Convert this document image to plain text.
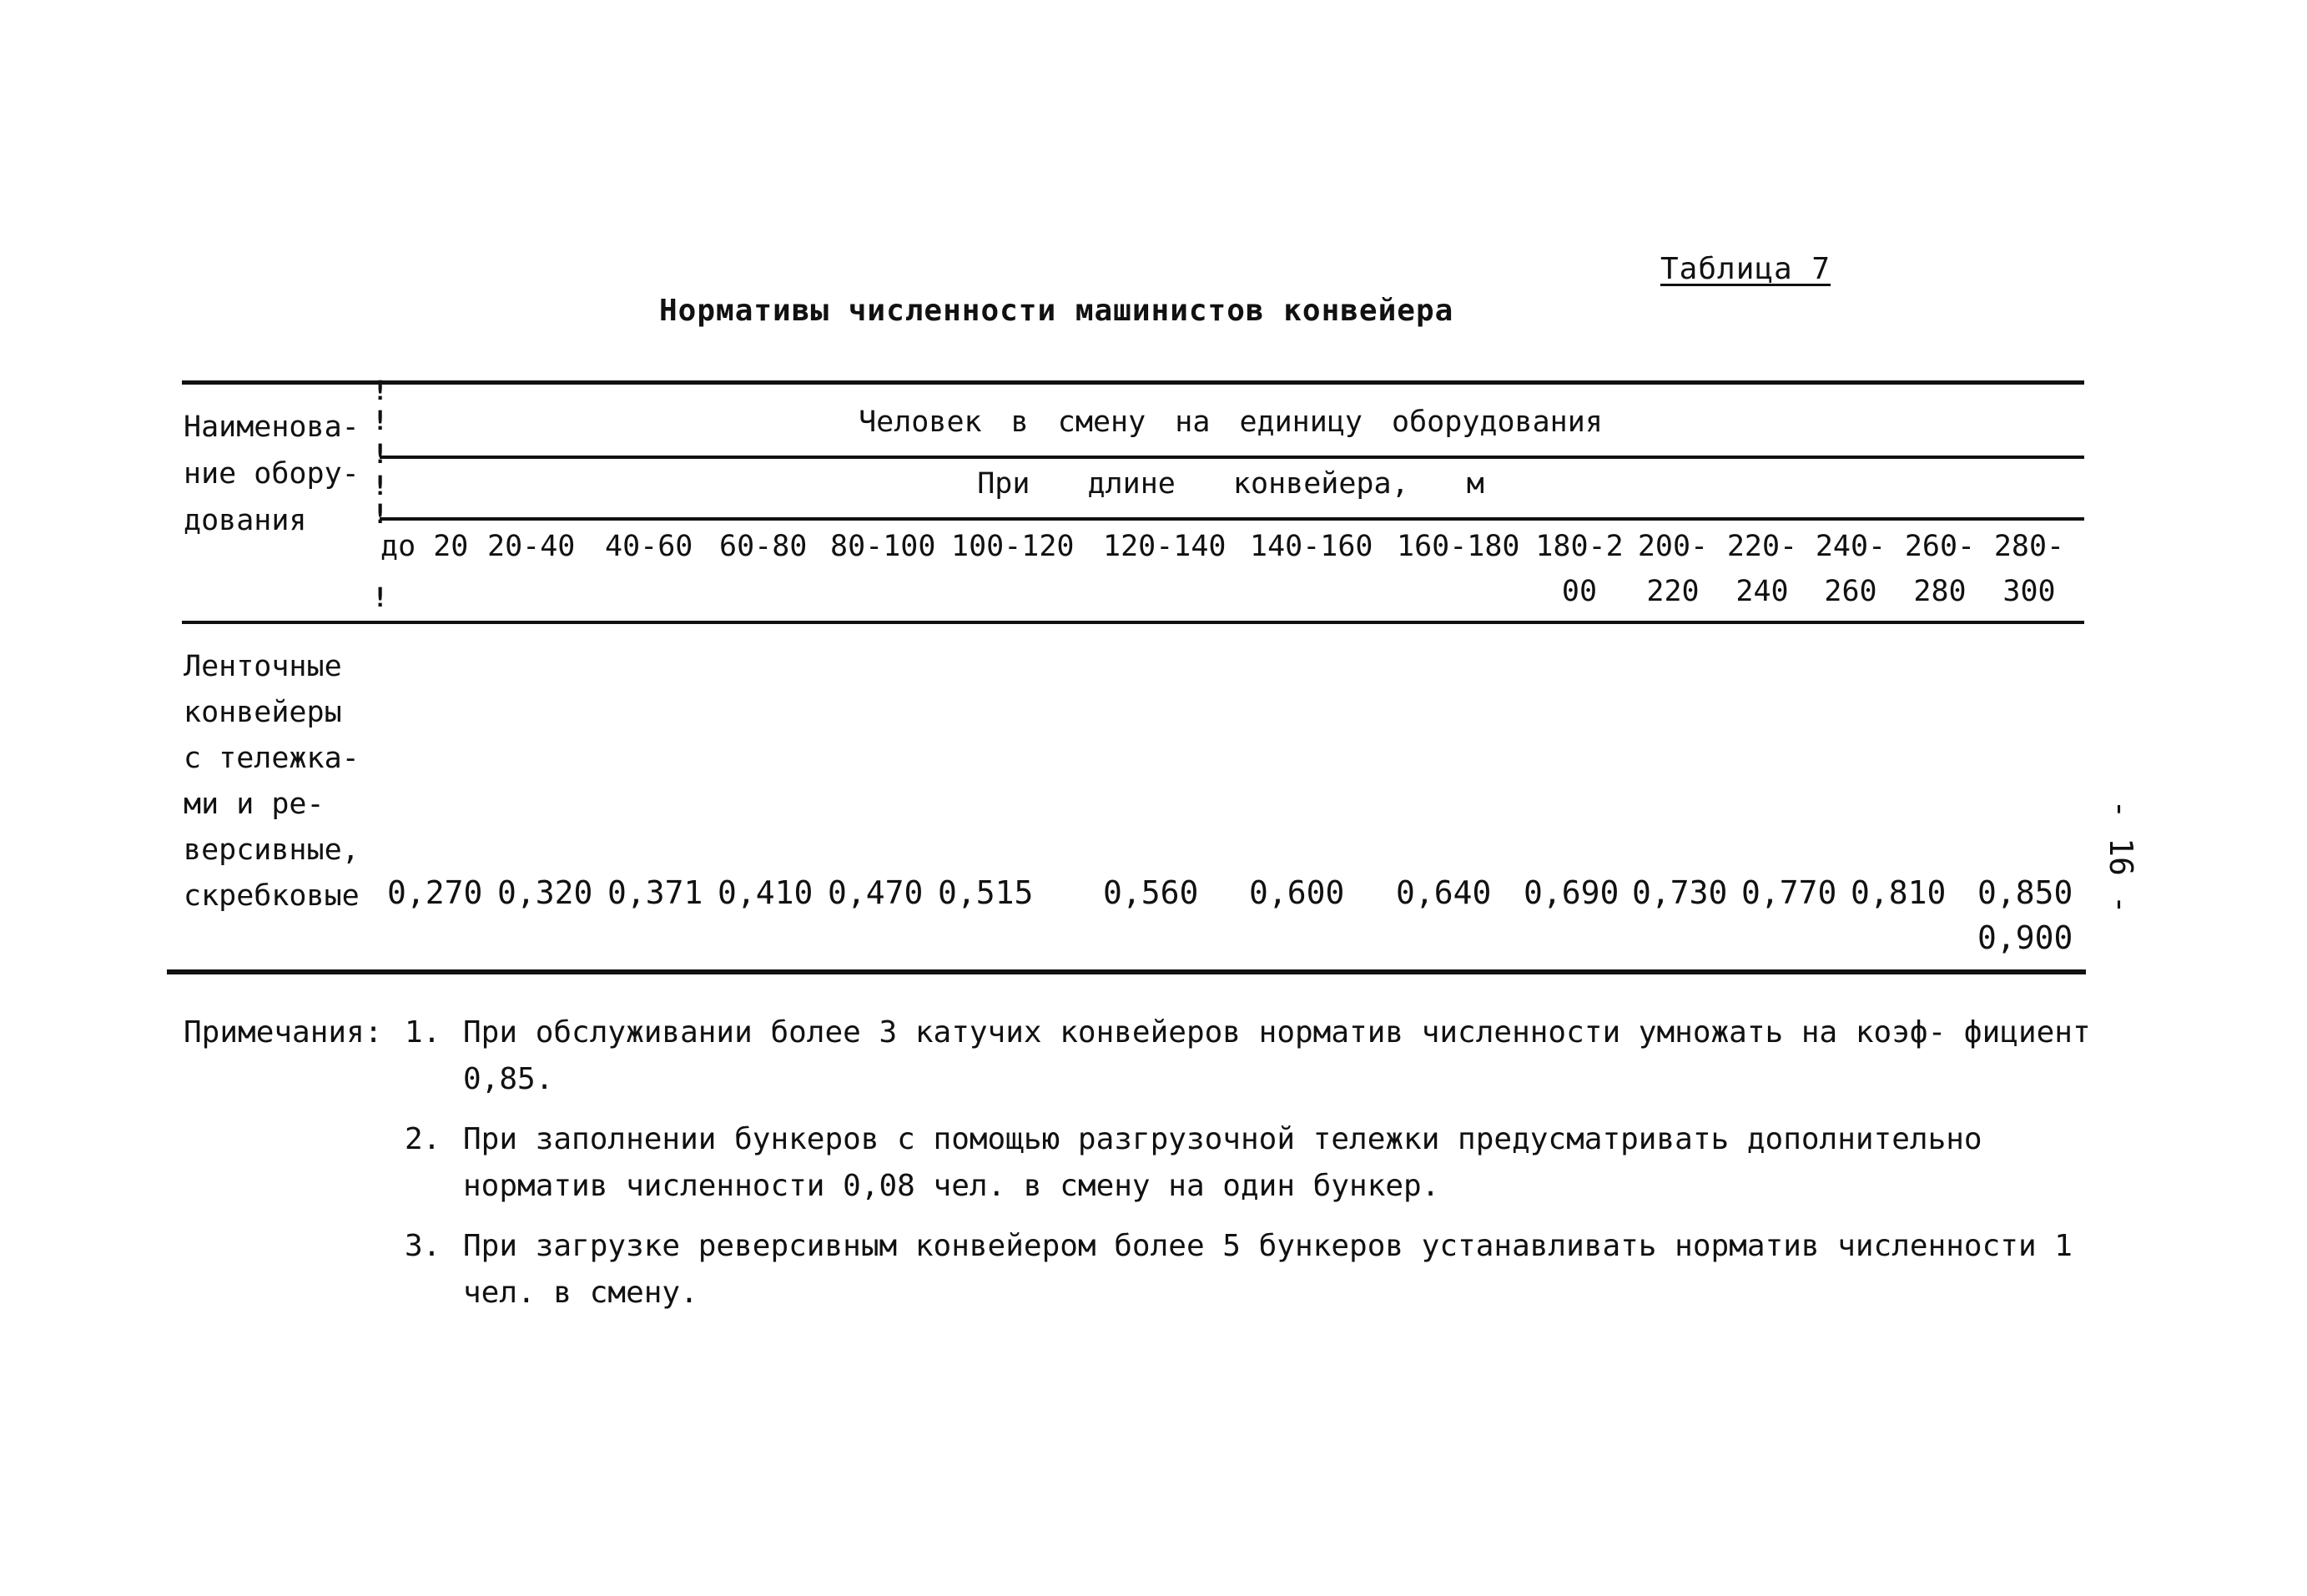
Таблица 7
Нормативы численности машинистов конвейера
!
!
!
!
!
!
Наименова-
ние обору-
дования
Человек в смену на единицу оборудования
При длине конвейера, м
до 20 20-40 40-60 60-80 80-100 100-120 120-140 140-160 160-180 180-200
200-220
220-240
240-260
260-280
280-300
Ленточные
конвейеры
с тележка-
ми и ре-
версивные,
скребковые 0,270 0,320 0,371 0,410 0,470 0,515 0,560 0,600 0,640 0,690 0,730 0,770 0,810 0,850
0,900
Примечания: 1. При обслуживании более 3 катучих конвейеров норматив численности умножать на коэф- фициент 0,85.
2. При заполнении бункеров с помощью разгрузочной тележки предусматривать дополнительно норматив численности 0,08 чел. в смену на один бункер.
3. При загрузке реверсивным конвейером более 5 бункеров устанавливать норматив численности 1 чел. в смену.
- 16 -
